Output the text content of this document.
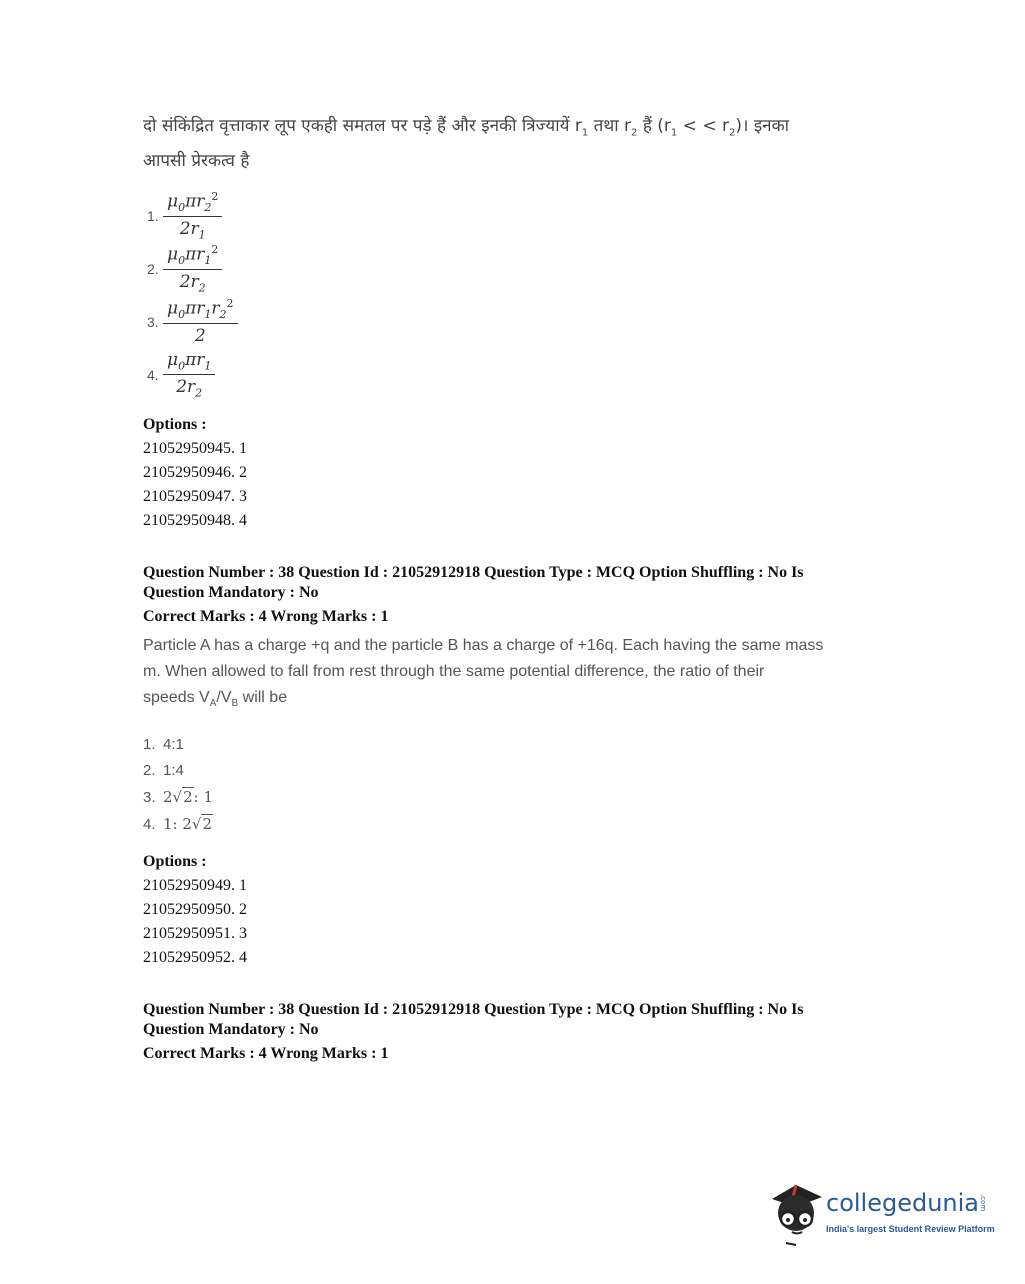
दो संकिंद्रित वृत्ताकार लूप एकही समतल पर पड़े हैं और इनकी त्रिज्यायें $r_1$ तथा $r_2$ हैं ($r_1$ < < $r_2)।$ इनका
आपसी प्रेरकत्व है

1. $\frac{\mu_0\pi r_2^2}{2r_1}$
2. $\frac{\mu_0\pi r_1^2}{2r_2}$
3. $\frac{\mu_0\pi r_1r_2^2}{2}$
4. $\frac{\mu_0\pi r_1}{2r_2}$
Options :
21052950945. 1
21052950946. 2
21052950947. 3
21052950948. 4

Question Number : 38 Question Id : 21052912918 Question Type : MCQ Option Shuffling : No Is
Question Mandatory : No

Correct Marks : 4 Wrong Marks : 1

Particle A has a charge +q and the particle B has a charge of +16q. Each having the same mass
m. When allowed to fall from rest through the same potential difference, the ratio of their
speeds $V_A/V_B$ will be

1. 4:1
2. 1:4
3. 2√2: 1
4. 1: 2√2
Options :
21052950949. 1
21052950950. 2
21052950951. 3
21052950952. 4

Question Number : 38 Question Id : 21052912918 Question Type : MCQ Option Shuffling : No Is
Question Mandatory : No

Correct Marks : 4 Wrong Marks : 1

collegedunia.com
India's largest Student Review Platform
